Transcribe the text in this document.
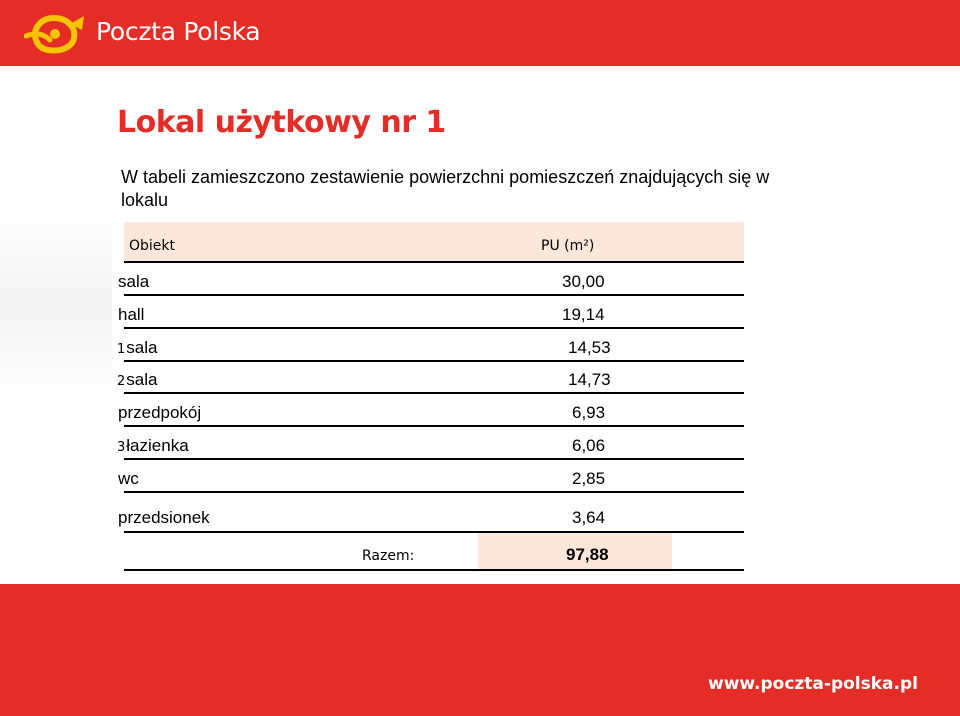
Poczta Polska
www.poczta-polska.pl
Lokal użytkowy nr 1

W tabeli zamieszczono zestawienie powierzchni pomieszczeń znajdujących się w lokalu

Obiekt	PU (m²)
sala	30,00
hall	19,14
1sala	14,53
2sala	14,73
przedpokój	6,93
3łazienka	6,06
wc	2,85
przedsionek	3,64
Razem:	97,88
